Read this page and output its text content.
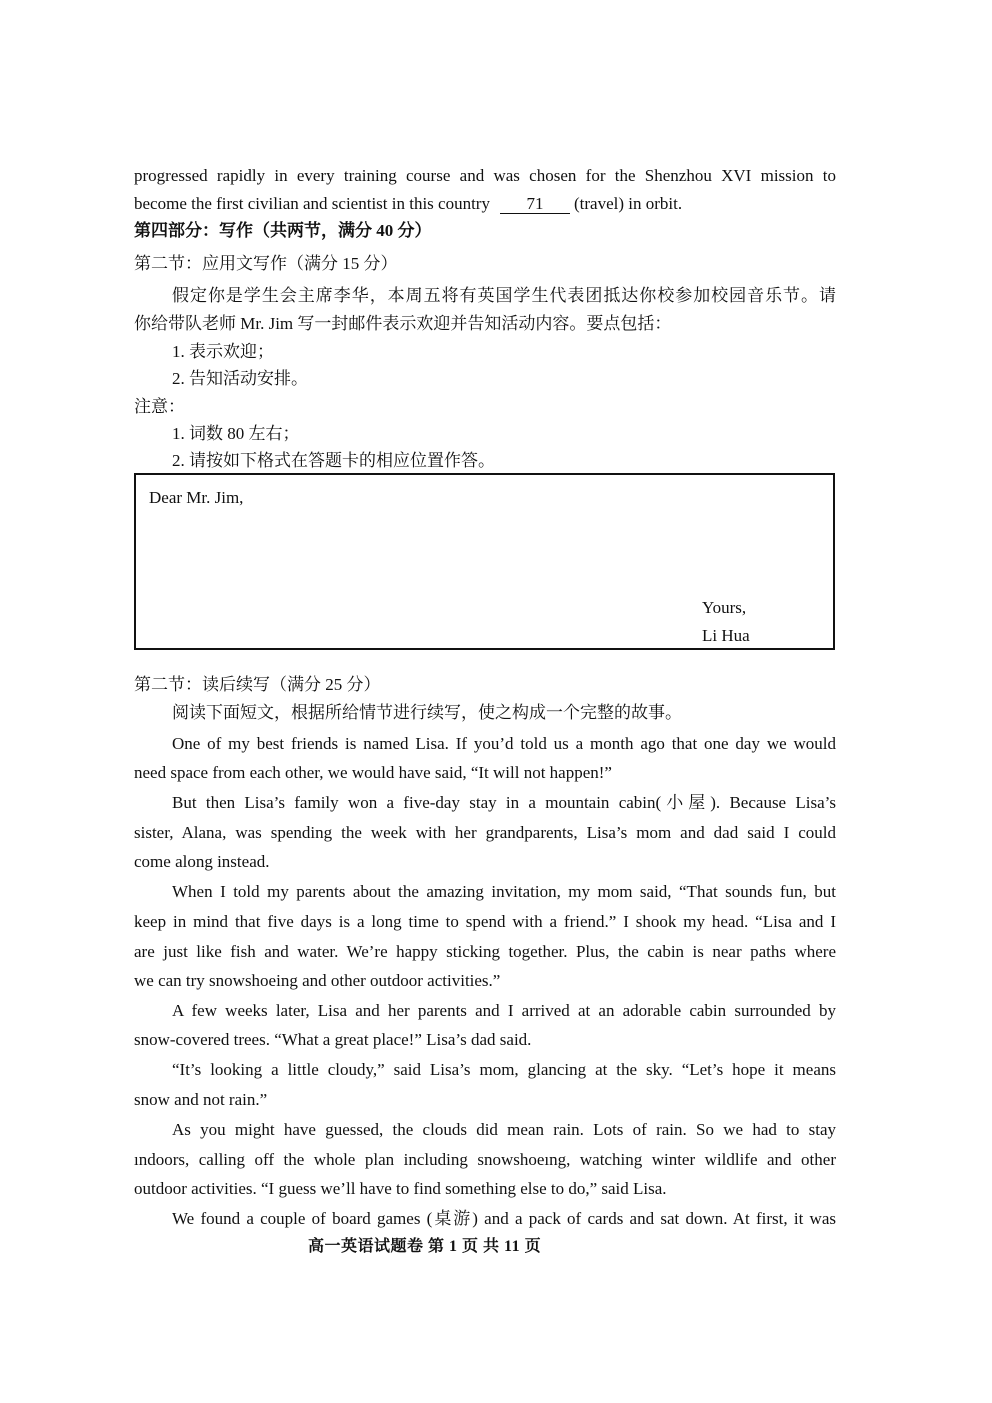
progressed rapidly in every training course and was chosen for the Shenzhou XVI mission to
become the first civilian and scientist in this country 71 (travel) in orbit.
第四部分：写作（共两节，满分 40 分）
第二节：应用文写作（满分 15 分）
假定你是学生会主席李华，本周五将有英国学生代表团抵达你校参加校园音乐节。请
你给带队老师 Mr. Jim 写一封邮件表示欢迎并告知活动内容。要点包括：
1. 表示欢迎；
2. 告知活动安排。
注意：
1. 词数 80 左右；
2. 请按如下格式在答题卡的相应位置作答。
Dear Mr. Jim,
Yours,
Li Hua
第二节：读后续写（满分 25 分）
阅读下面短文，根据所给情节进行续写，使之构成一个完整的故事。
One of my best friends is named Lisa. If you’d told us a month ago that one day we would
need space from each other, we would have said, “It will not happen!”
But then Lisa’s family won a five-day stay in a mountain cabin(小屋). Because Lisa’s
sister, Alana, was spending the week with her grandparents, Lisa’s mom and dad said I could
come along instead.
When I told my parents about the amazing invitation, my mom said, “That sounds fun, but
keep in mind that five days is a long time to spend with a friend.” I shook my head. “Lisa and I
are just like fish and water. We’re happy sticking together. Plus, the cabin is near paths where
we can try snowshoeing and other outdoor activities.”
A few weeks later, Lisa and her parents and I arrived at an adorable cabin surrounded by
snow-covered trees. “What a great place!” Lisa’s dad said.
“It’s looking a little cloudy,” said Lisa’s mom, glancing at the sky. “Let’s hope it means
snow and not rain.”
As you might have guessed, the clouds did mean rain. Lots of rain. So we had to stay
ındoors, calling off the whole plan including snowshoeıng, watching winter wildlife and other
outdoor activities. “I guess we’ll have to find something else to do,” said Lisa.
We found a couple of board games (桌游) and a pack of cards and sat down. At first, it was
高一英语试题卷 第 1 页 共 11 页
